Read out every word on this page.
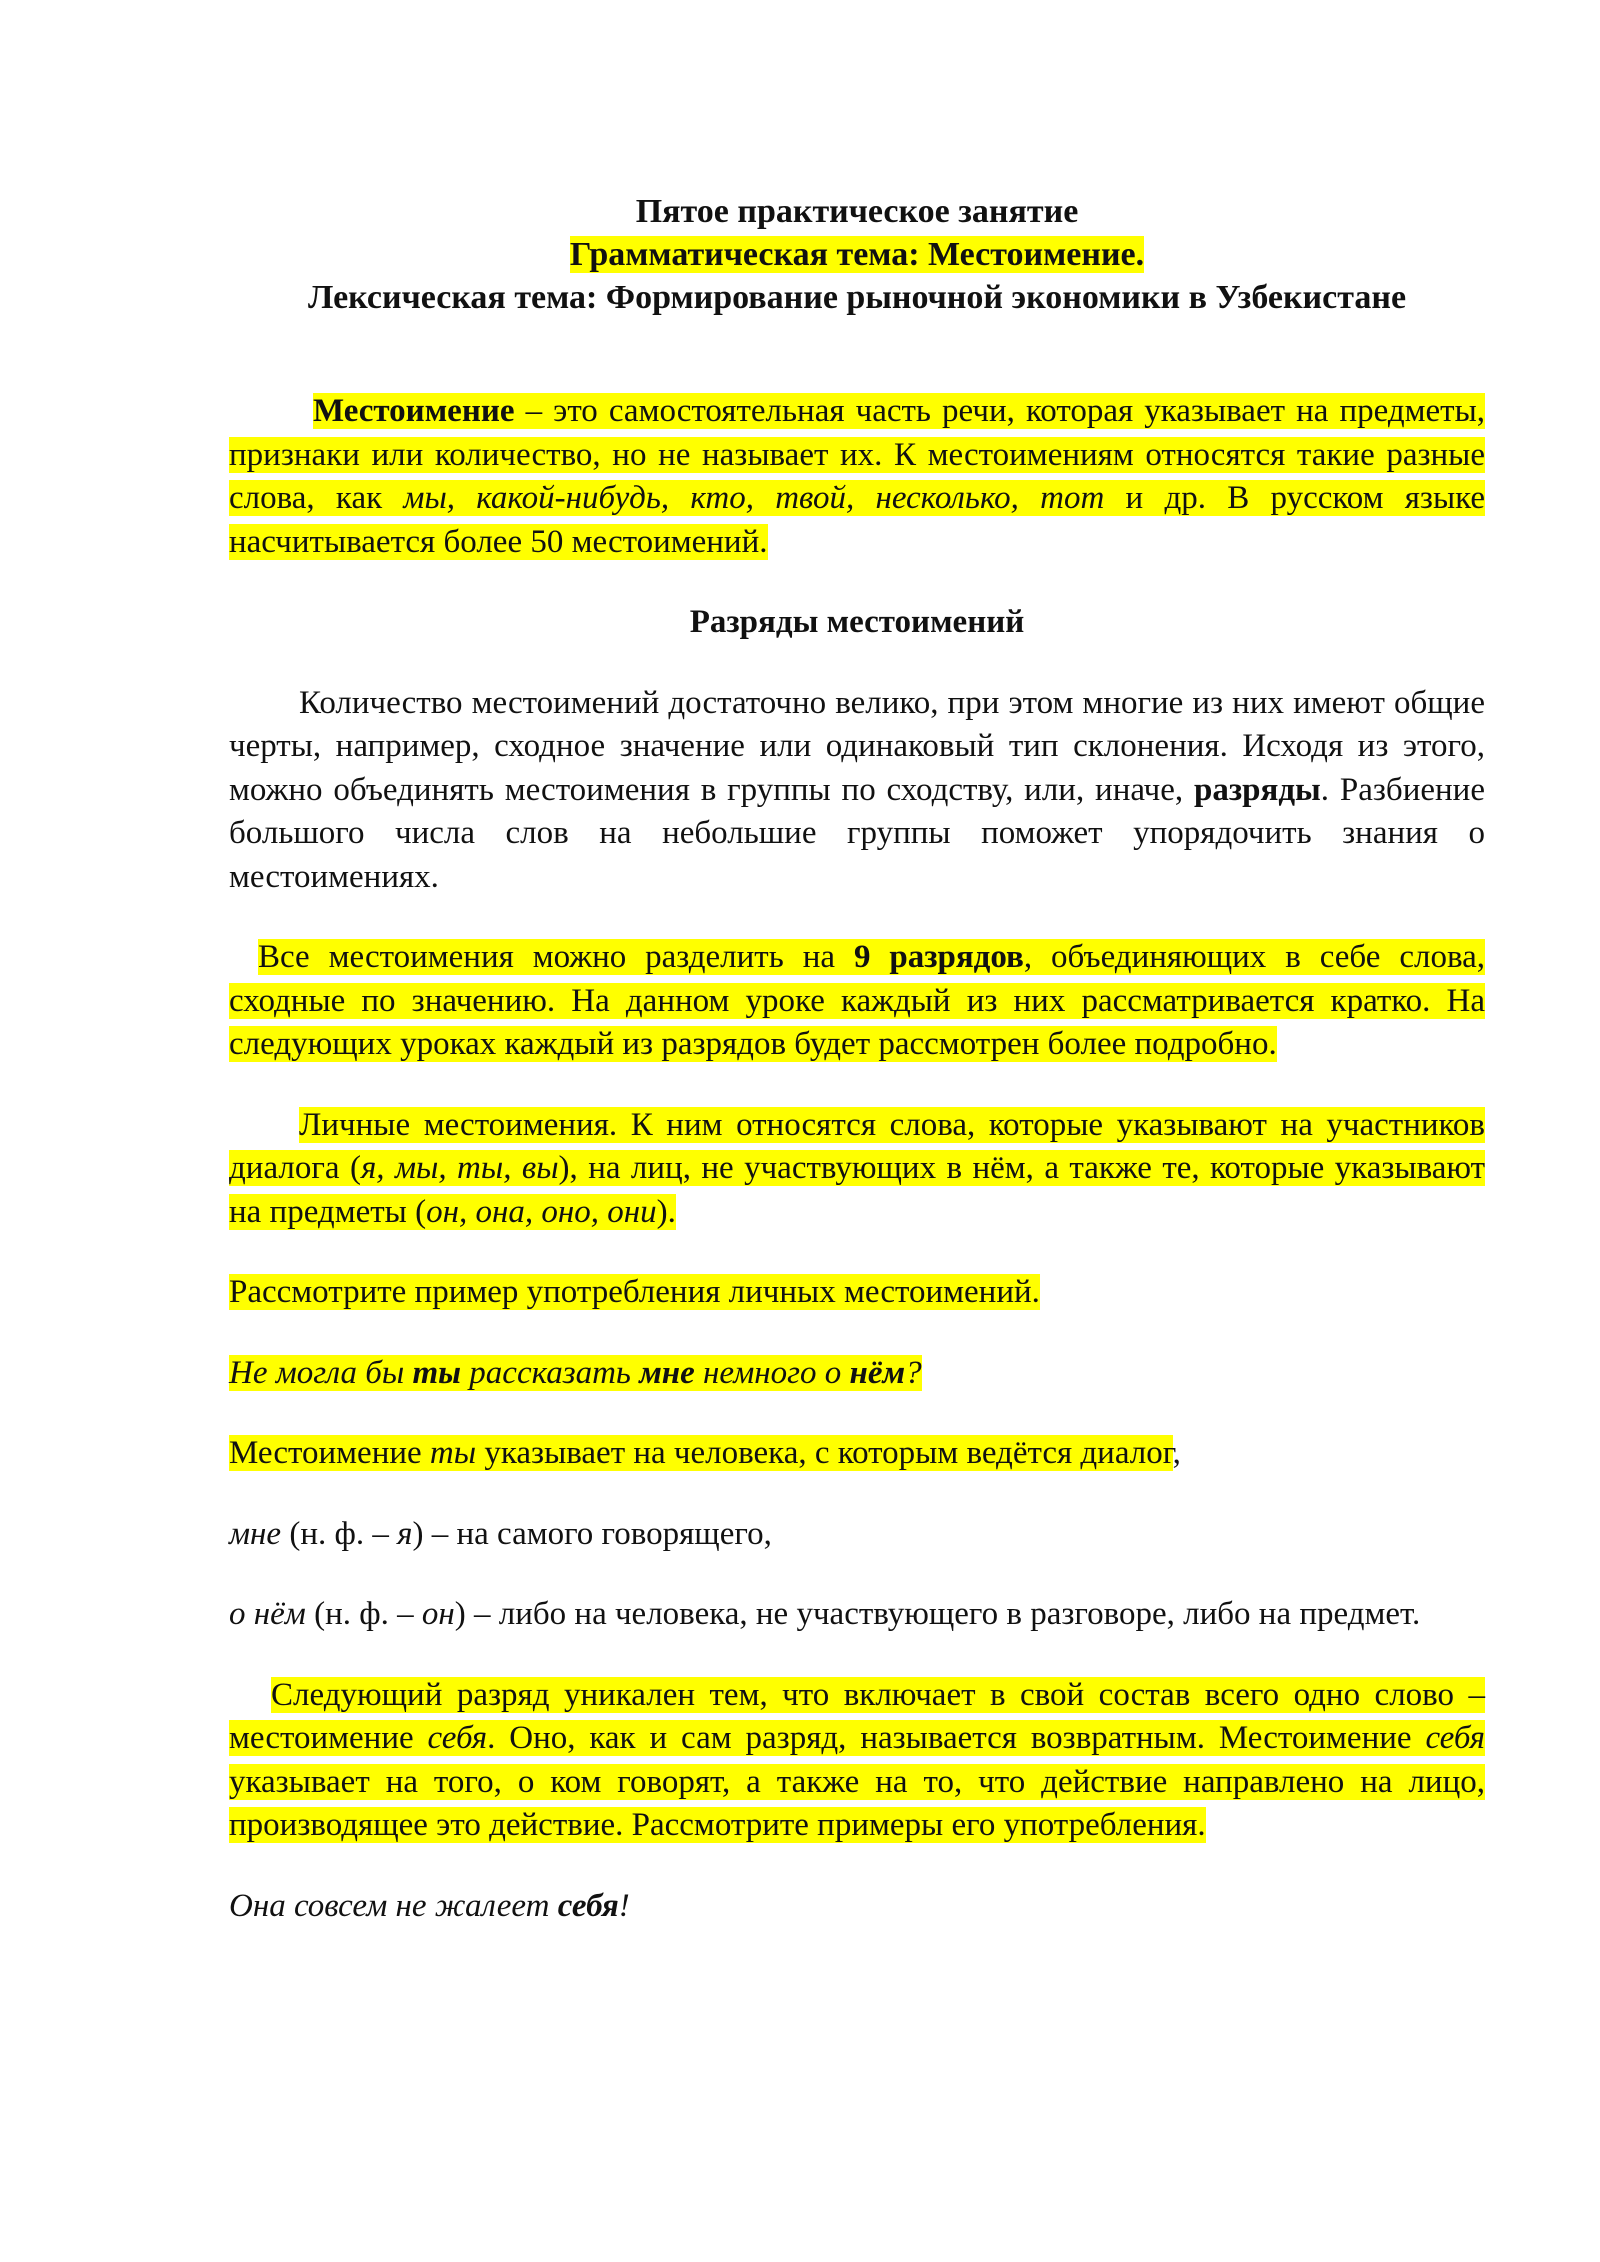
Пятое практическое занятие

Грамматическая тема: Местоимение.

Лексическая тема: Формирование рыночной экономики в Узбекистане

Местоимение – это самостоятельная часть речи, которая указывает на предметы, признаки или количество, но не называет их. К местоимениям относятся такие разные слова, как мы, какой-нибудь, кто, твой, несколько, тот и др. В русском языке насчитывается более 50 местоимений.

Разряды местоимений

Количество местоимений достаточно велико, при этом многие из них имеют общие черты, например, сходное значение или одинаковый тип склонения. Исходя из этого, можно объединять местоимения в группы по сходству, или, иначе, разряды. Разбиение большого числа слов на небольшие группы поможет упорядочить знания о местоимениях.

Все местоимения можно разделить на 9 разрядов, объединяющих в себе слова, сходные по значению. На данном уроке каждый из них рассматривается кратко. На следующих уроках каждый из разрядов будет рассмотрен более подробно.

Личные местоимения. К ним относятся слова, которые указывают на участников диалога (я, мы, ты, вы), на лиц, не участвующих в нём, а также те, которые указывают на предметы (он, она, оно, они).

Рассмотрите пример употребления личных местоимений.

Не могла бы ты рассказать мне немного о нём?

Местоимение ты указывает на человека, с которым ведётся диалог,

мне (н. ф. – я) – на самого говорящего,

о нём (н. ф. – он) – либо на человека, не участвующего в разговоре, либо на предмет.

Следующий разряд уникален тем, что включает в свой состав всего одно слово – местоимение себя. Оно, как и сам разряд, называется возвратным. Местоимение себя указывает на того, о ком говорят, а также на то, что действие направлено на лицо, производящее это действие. Рассмотрите примеры его употребления.

Она совсем не жалеет себя!
